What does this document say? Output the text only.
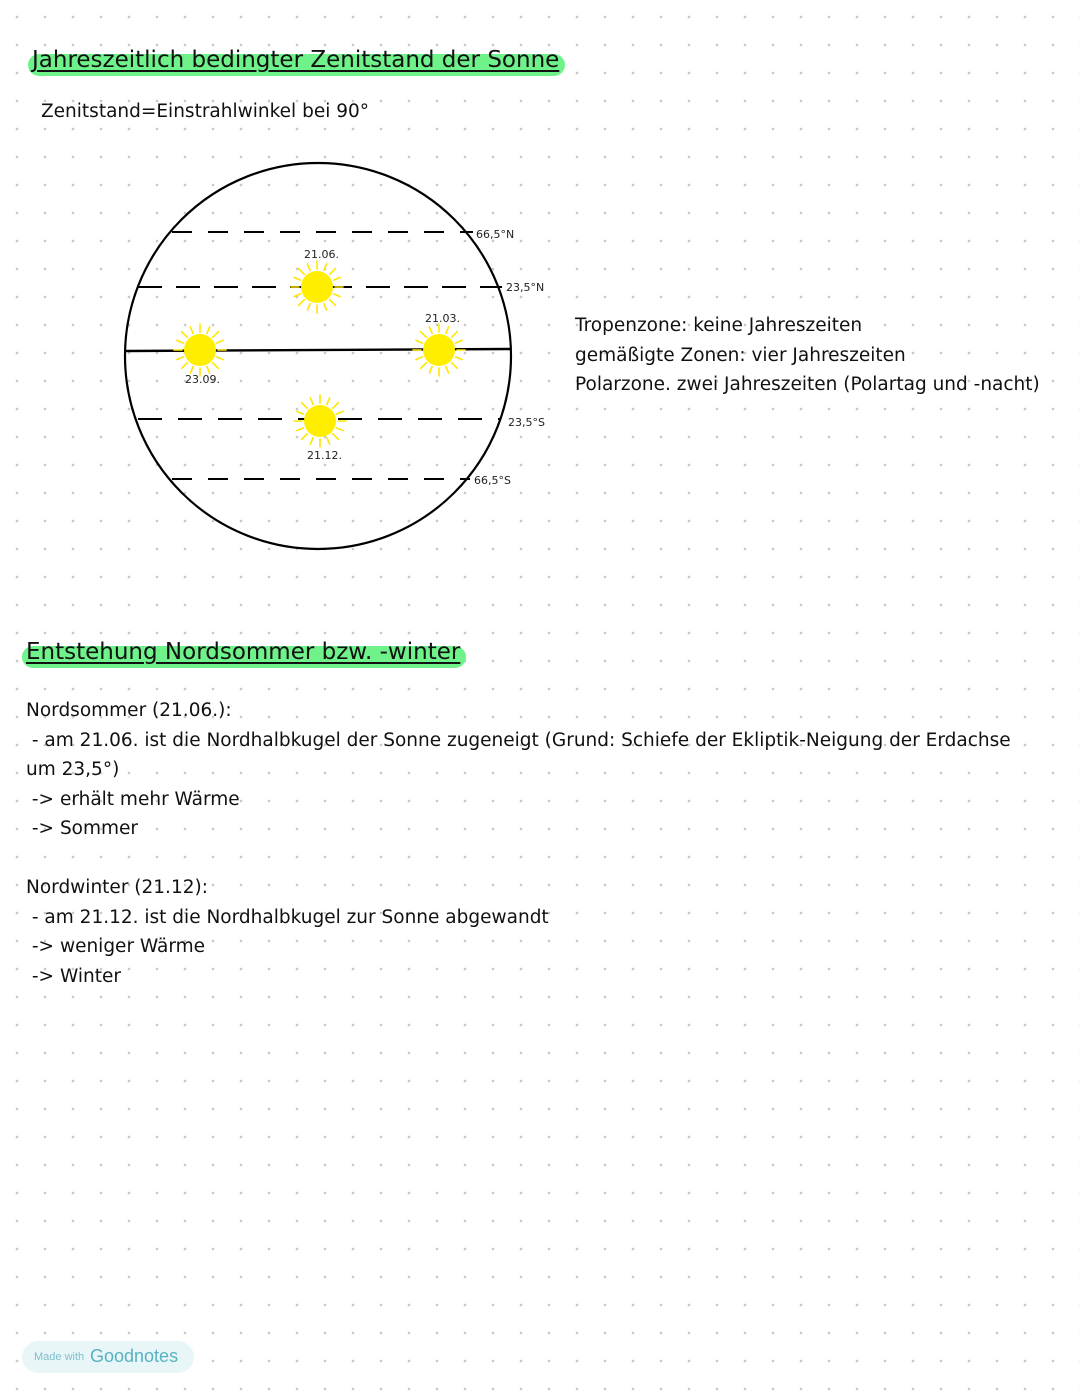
Jahreszeitlich bedingter Zenitstand der Sonne
Zenitstand=Einstrahlwinkel bei 90°
66,5°N
23,5°N
23,5°S
66,5°S
21.06.
21.03.
23.09.
21.12.
Tropenzone: keine Jahreszeiten
gemäßigte Zonen: vier Jahreszeiten
Polarzone. zwei Jahreszeiten (Polartag und -nacht)
Entstehung Nordsommer bzw. -winter
Nordsommer (21.06.):
- am 21.06. ist die Nordhalbkugel der Sonne zugeneigt (Grund: Schiefe der Ekliptik-Neigung der Erdachse
um 23,5°)
-> erhält mehr Wärme
-> Sommer
Nordwinter (21.12):
- am 21.12. ist die Nordhalbkugel zur Sonne abgewandt
-> weniger Wärme
-> Winter
Made with Goodnotes
